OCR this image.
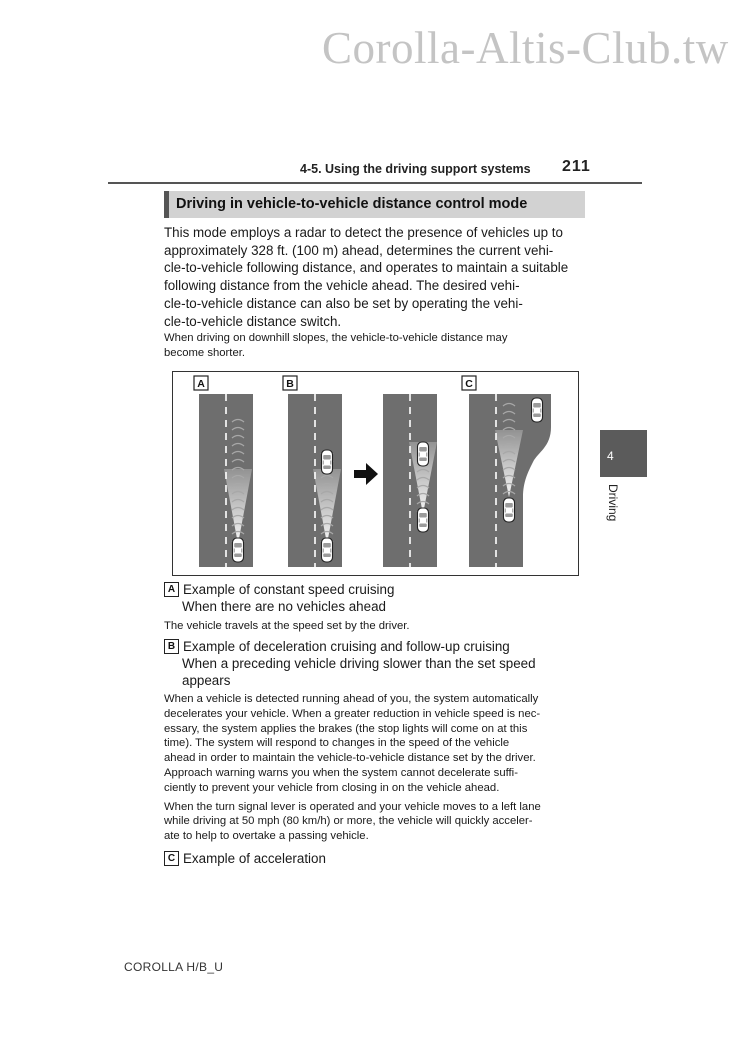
Corolla-Altis-Club.tw
4-5. Using the driving support systems 211
Driving in vehicle-to-vehicle distance control mode
This mode employs a radar to detect the presence of vehicles up to
approximately 328 ft. (100 m) ahead, determines the current vehi-
cle-to-vehicle following distance, and operates to maintain a suitable
following distance from the vehicle ahead. The desired vehi-
cle-to-vehicle distance can also be set by operating the vehi-
cle-to-vehicle distance switch.
When driving on downhill slopes, the vehicle-to-vehicle distance may
become shorter.
A	B	C
4
Driving
A Example of constant speed cruising
When there are no vehicles ahead
The vehicle travels at the speed set by the driver.
B Example of deceleration cruising and follow-up cruising
When a preceding vehicle driving slower than the set speed
appears

When a vehicle is detected running ahead of you, the system automatically
decelerates your vehicle. When a greater reduction in vehicle speed is nec-
essary, the system applies the brakes (the stop lights will come on at this
time). The system will respond to changes in the speed of the vehicle
ahead in order to maintain the vehicle-to-vehicle distance set by the driver.
Approach warning warns you when the system cannot decelerate suffi-
ciently to prevent your vehicle from closing in on the vehicle ahead.

When the turn signal lever is operated and your vehicle moves to a left lane
while driving at 50 mph (80 km/h) or more, the vehicle will quickly acceler-
ate to help to overtake a passing vehicle.

C Example of acceleration
COROLLA H/B_U
